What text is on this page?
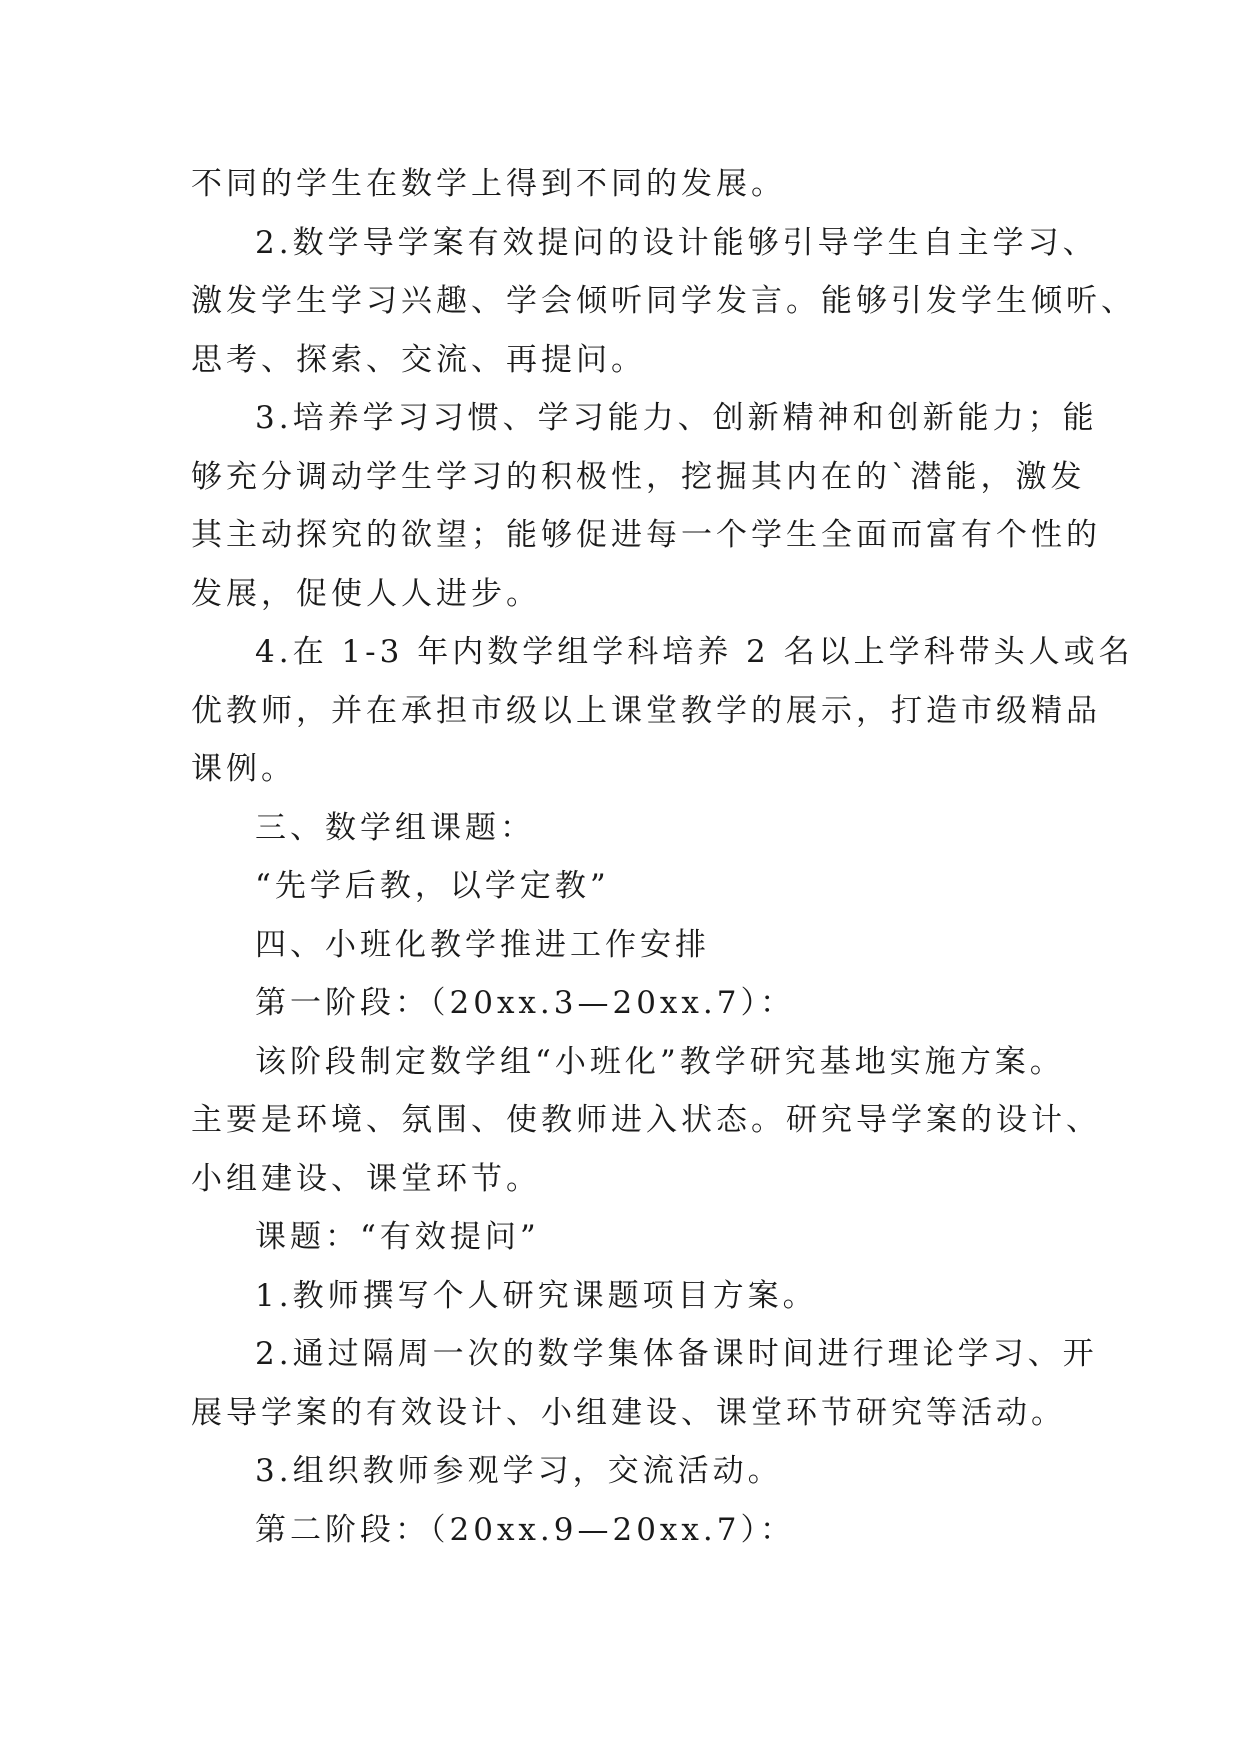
不同的学生在数学上得到不同的发展。
2.数学导学案有效提问的设计能够引导学生自主学习、
激发学生学习兴趣、学会倾听同学发言。能够引发学生倾听、
思考、探索、交流、再提问。
3.培养学习习惯、学习能力、创新精神和创新能力；能
够充分调动学生学习的积极性，挖掘其内在的`潜能，激发
其主动探究的欲望；能够促进每一个学生全面而富有个性的
发展，促使人人进步。
4.在 1-3 年内数学组学科培养 2 名以上学科带头人或名
优教师，并在承担市级以上课堂教学的展示，打造市级精品
课例。
三、数学组课题：
“先学后教，以学定教”
四、小班化教学推进工作安排
第一阶段：（20xx.3—20xx.7）：
该阶段制定数学组“小班化”教学研究基地实施方案。
主要是环境、氛围、使教师进入状态。研究导学案的设计、
小组建设、课堂环节。
课题：“有效提问”
1.教师撰写个人研究课题项目方案。
2.通过隔周一次的数学集体备课时间进行理论学习、开
展导学案的有效设计、小组建设、课堂环节研究等活动。
3.组织教师参观学习，交流活动。
第二阶段：（20xx.9—20xx.7）：
